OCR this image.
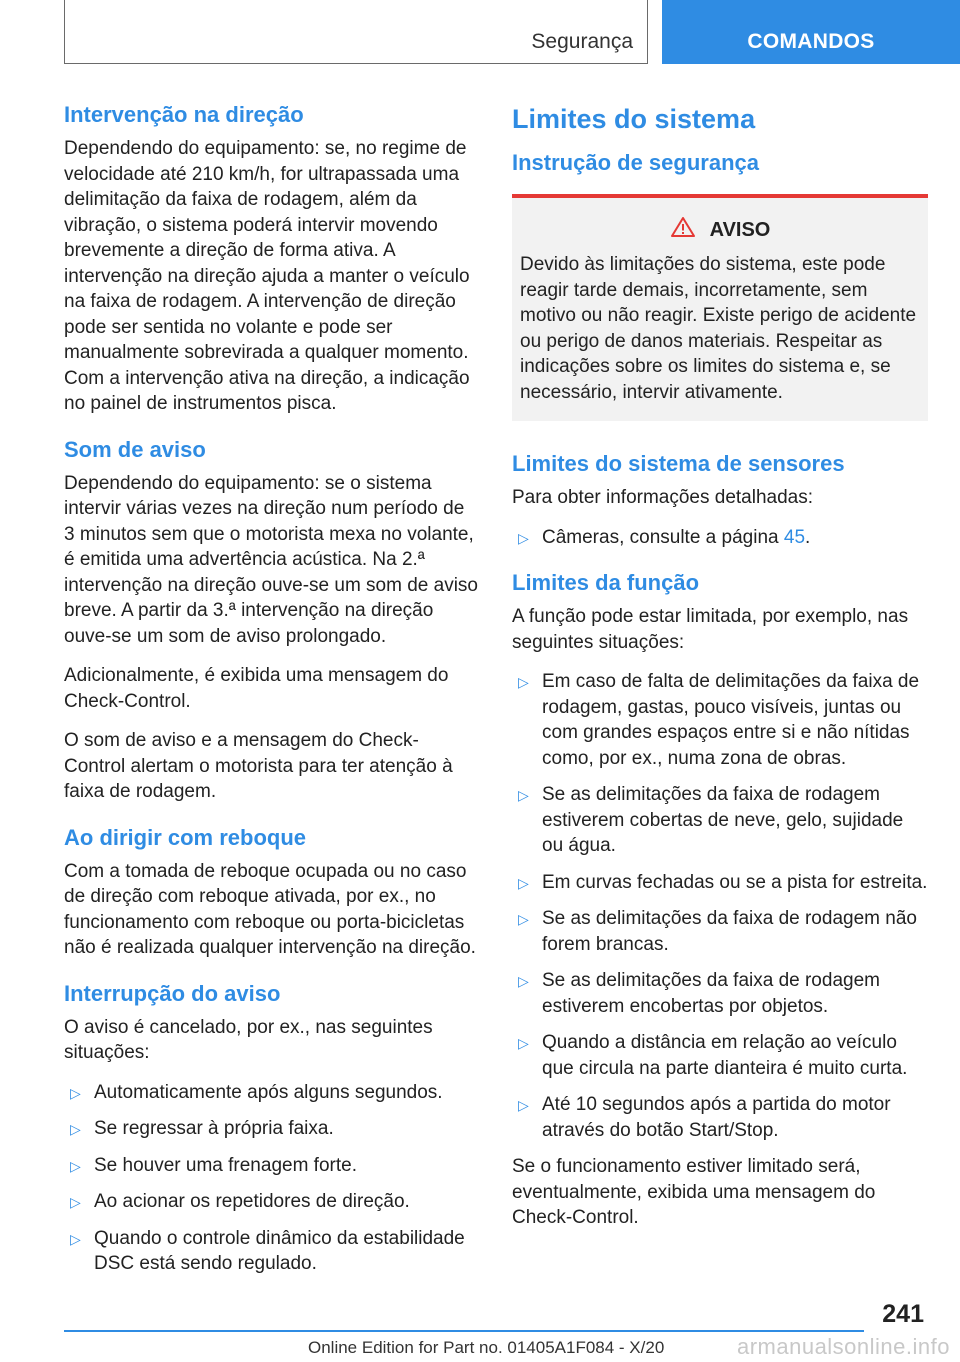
Segurança	COMANDOS
Intervenção na direção

Dependendo do equipamento: se, no regime de velocidade até 210 km/h, for ultrapassada uma delimitação da faixa de rodagem, além da vibração, o sistema poderá intervir movendo brevemente a direção de forma ativa. A intervenção na direção ajuda a manter o veículo na faixa de rodagem. A intervenção de direção pode ser sentida no volante e pode ser manualmente sobrevirada a qualquer momento. Com a intervenção ativa na direção, a indicação no painel de instrumentos pisca.

Som de aviso

Dependendo do equipamento: se o sistema intervir várias vezes na direção num período de 3 minutos sem que o motorista mexa no volante, é emitida uma advertência acústica. Na 2.ª intervenção na direção ouve-se um som de aviso breve. A partir da 3.ª intervenção na direção ouve-se um som de aviso prolongado.

Adicionalmente, é exibida uma mensagem do Check-Control.

O som de aviso e a mensagem do Check-Control alertam o motorista para ter atenção à faixa de rodagem.

Ao dirigir com reboque

Com a tomada de reboque ocupada ou no caso de direção com reboque ativada, por ex., no funcionamento com reboque ou porta-bicicletas não é realizada qualquer intervenção na direção.

Interrupção do aviso

O aviso é cancelado, por ex., nas seguintes situações:

▷ Automaticamente após alguns segundos.
▷ Se regressar à própria faixa.
▷ Se houver uma frenagem forte.
▷ Ao acionar os repetidores de direção.
▷ Quando o controle dinâmico da estabilidade DSC está sendo regulado.
Limites do sistema
Instrução de segurança
AVISO

Devido às limitações do sistema, este pode reagir tarde demais, incorretamente, sem motivo ou não reagir. Existe perigo de acidente ou perigo de danos materiais. Respeitar as indicações sobre os limites do sistema e, se necessário, intervir ativamente.

Limites do sistema de sensores

Para obter informações detalhadas:

▷ Câmeras, consulte a página 45.
Limites da função

A função pode estar limitada, por exemplo, nas seguintes situações:

▷ Em caso de falta de delimitações da faixa de rodagem, gastas, pouco visíveis, juntas ou com grandes espaços entre si e não nítidas como, por ex., numa zona de obras.
▷ Se as delimitações da faixa de rodagem estiverem cobertas de neve, gelo, sujidade ou água.
▷ Em curvas fechadas ou se a pista for estreita.
▷ Se as delimitações da faixa de rodagem não forem brancas.
▷ Se as delimitações da faixa de rodagem estiverem encobertas por objetos.
▷ Quando a distância em relação ao veículo que circula na parte dianteira é muito curta.
▷ Até 10 segundos após a partida do motor através do botão Start/Stop.

Se o funcionamento estiver limitado será, eventualmente, exibida uma mensagem do Check-Control.

241
Online Edition for Part no. 01405A1F084 - X/20	armanualsonline.info
